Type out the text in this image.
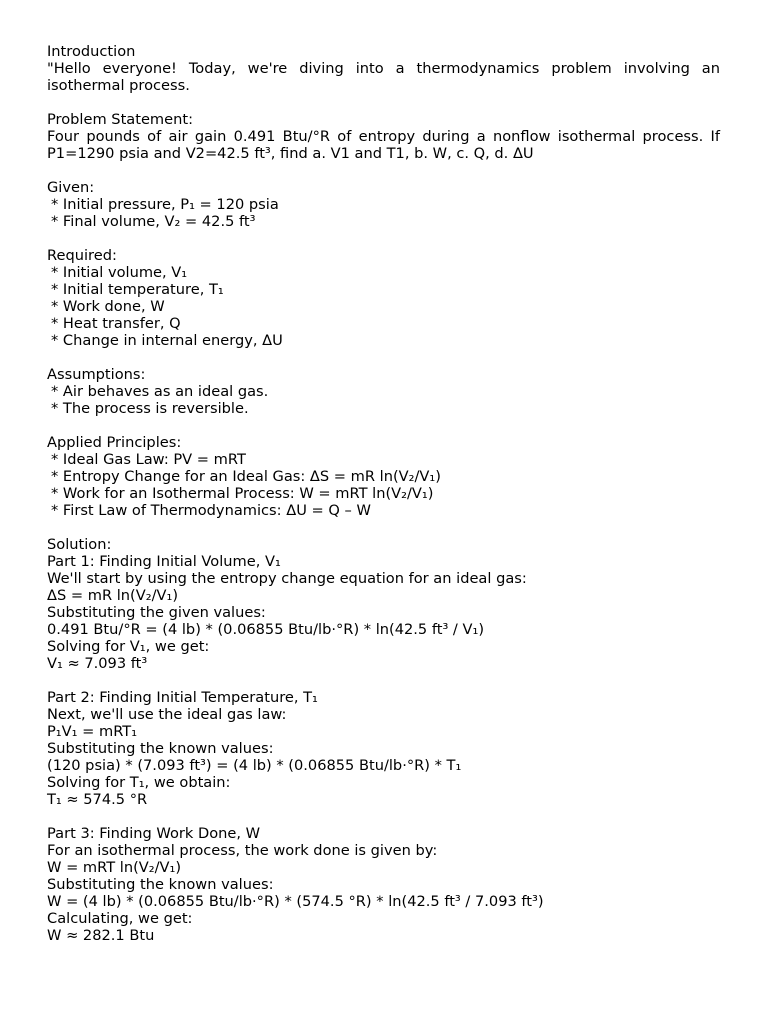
Introduction
"Hello everyone! Today, we're diving into a thermodynamics problem involving an isothermal process.
Problem Statement:
Four pounds of air gain 0.491 Btu/°R of entropy during a nonflow isothermal process. If P1=1290 psia and V2=42.5 ft³, find a. V1 and T1, b. W, c. Q, d. ΔU
Given:
* Initial pressure, P₁ = 120 psia
* Final volume, V₂ = 42.5 ft³
Required:
* Initial volume, V₁
* Initial temperature, T₁
* Work done, W
* Heat transfer, Q
* Change in internal energy, ΔU
Assumptions:
* Air behaves as an ideal gas.
* The process is reversible.
Applied Principles:
* Ideal Gas Law: PV = mRT
* Entropy Change for an Ideal Gas: ΔS = mR ln(V₂/V₁)
* Work for an Isothermal Process: W = mRT ln(V₂/V₁)
* First Law of Thermodynamics: ΔU = Q – W
Solution:
Part 1: Finding Initial Volume, V₁
We'll start by using the entropy change equation for an ideal gas:
ΔS = mR ln(V₂/V₁)
Substituting the given values:
0.491 Btu/°R = (4 lb) * (0.06855 Btu/lb·°R) * ln(42.5 ft³ / V₁)
Solving for V₁, we get:
V₁ ≈ 7.093 ft³
Part 2: Finding Initial Temperature, T₁
Next, we'll use the ideal gas law:
P₁V₁ = mRT₁
Substituting the known values:
(120 psia) * (7.093 ft³) = (4 lb) * (0.06855 Btu/lb·°R) * T₁
Solving for T₁, we obtain:
T₁ ≈ 574.5 °R
Part 3: Finding Work Done, W
For an isothermal process, the work done is given by:
W = mRT ln(V₂/V₁)
Substituting the known values:
W = (4 lb) * (0.06855 Btu/lb·°R) * (574.5 °R) * ln(42.5 ft³ / 7.093 ft³)
Calculating, we get:
W ≈ 282.1 Btu
